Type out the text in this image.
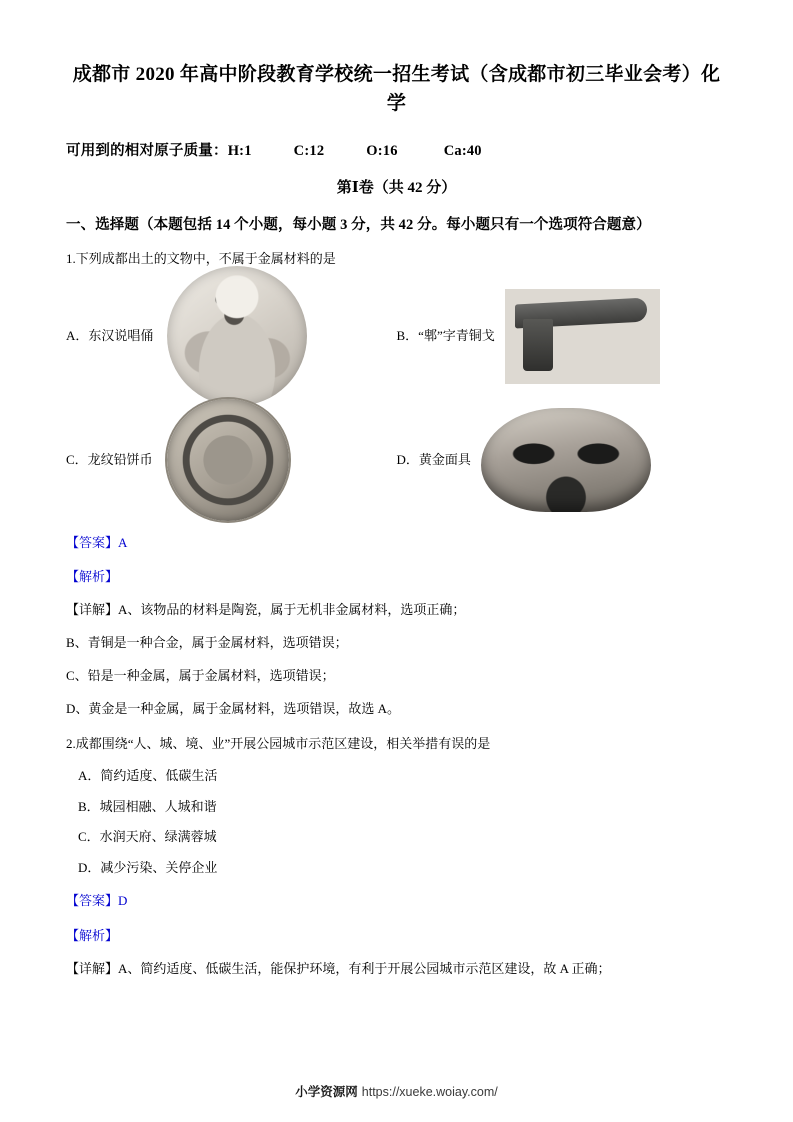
成都市 2020 年高中阶段教育学校统一招生考试（含成都市初三毕业会考）化学
可用到的相对原子质量：H:1	C:12	O:16	Ca:40
第Ⅰ卷（共 42 分）
一、选择题（本题包括 14 个小题，每小题 3 分，共 42 分。每小题只有一个选项符合题意）
1.下列成都出土的文物中，不属于金属材料的是
A．东汉说唱俑	B．“郫”字青铜戈
C．龙纹铅饼币	D．黄金面具
【答案】A
【解析】
【详解】A、该物品的材料是陶瓷，属于无机非金属材料，选项正确；
B、青铜是一种合金，属于金属材料，选项错误；
C、铅是一种金属，属于金属材料，选项错误；
D、黄金是一种金属，属于金属材料，选项错误，故选 A。
2.成都围绕“人、城、境、业”开展公园城市示范区建设，相关举措有误的是
A．简约适度、低碳生活
B．城园相融、人城和谐
C．水润天府、绿满蓉城
D．减少污染、关停企业
【答案】D
【解析】
【详解】A、简约适度、低碳生活，能保护环境，有利于开展公园城市示范区建设，故 A 正确；
小学资源网 https://xueke.woiay.com/
